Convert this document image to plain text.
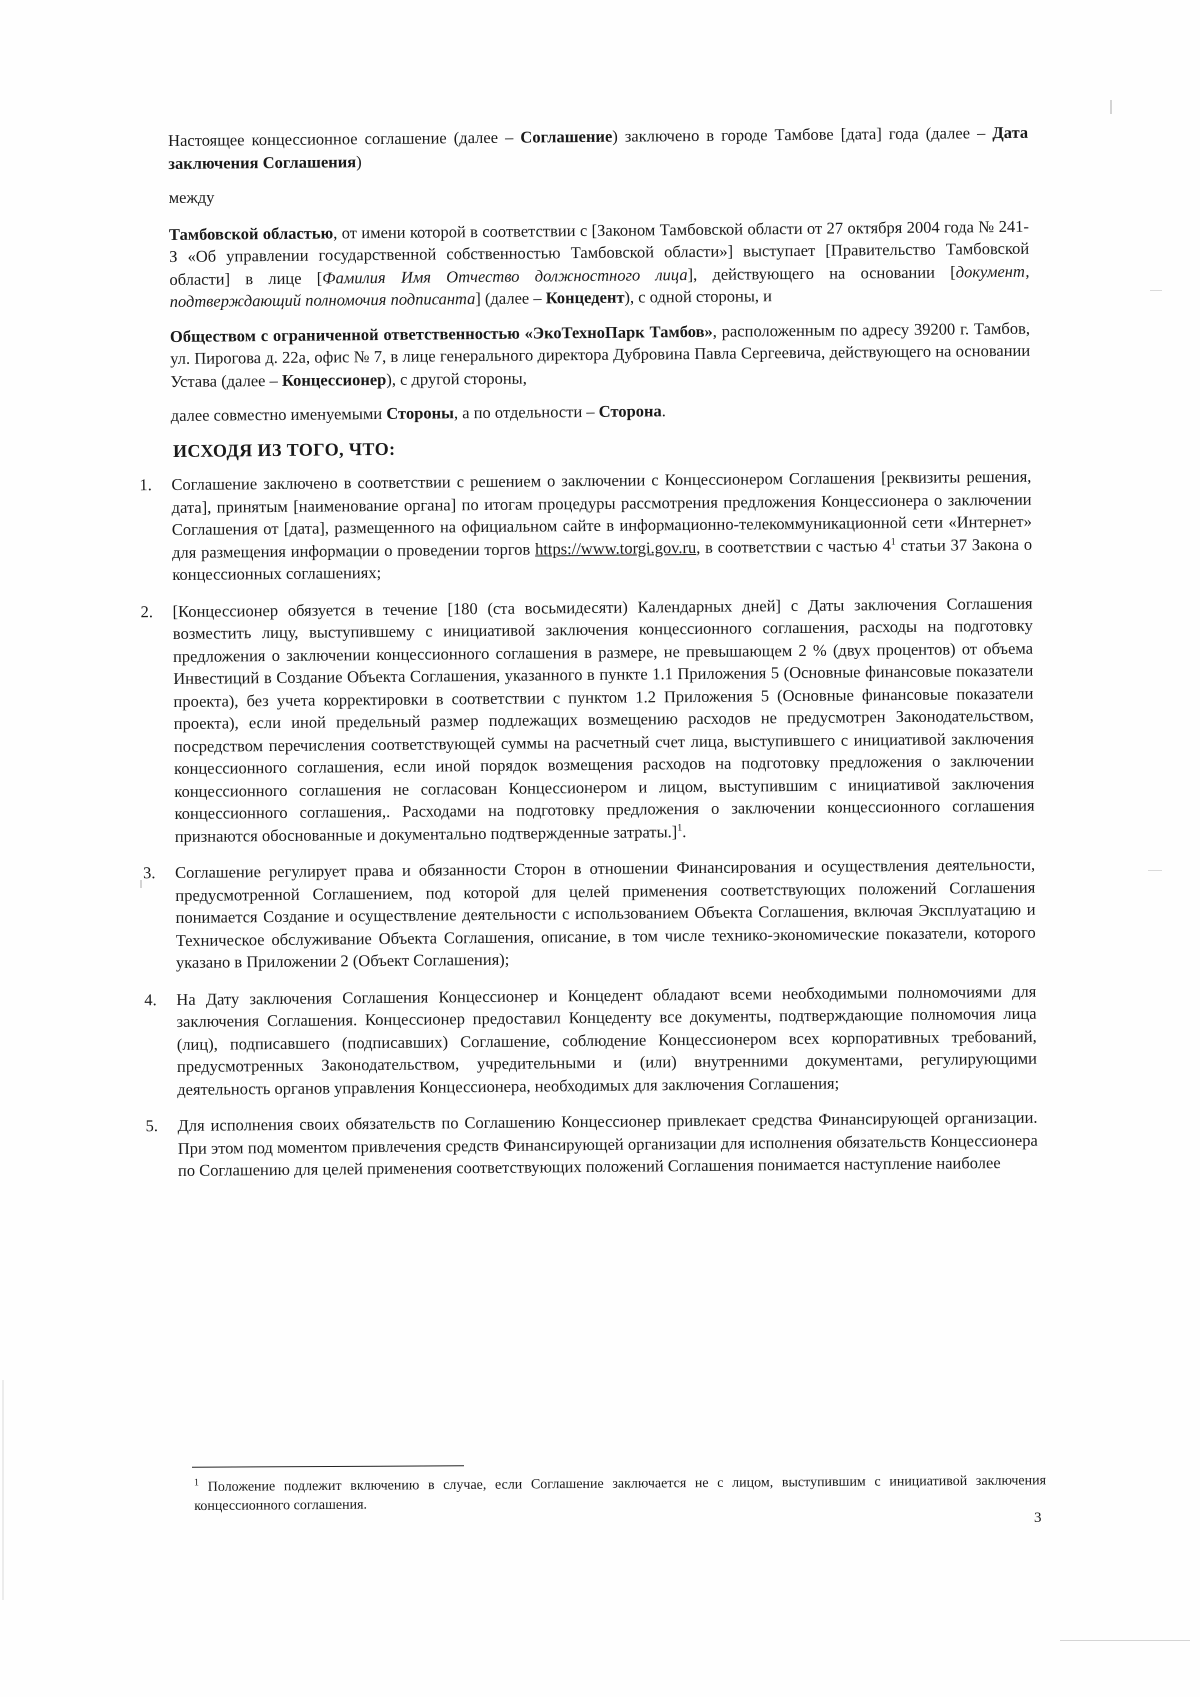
Настоящее концессионное соглашение (далее – Соглашение) заключено в городе Тамбове [дата] года (далее – Дата заключения Соглашения)

между

Тамбовской областью, от имени которой в соответствии с [Законом Тамбовской области от 27 октября 2004 года № 241-З «Об управлении государственной собственностью Тамбовской области»] выступает [Правительство Тамбовской области] в лице [Фамилия Имя Отчество должностного лица], действующего на основании [документ, подтверждающий полномочия подписанта] (далее – Концедент), с одной стороны, и

Обществом с ограниченной ответственностью «ЭкоТехноПарк Тамбов», расположенным по адресу 39200 г. Тамбов, ул. Пирогова д. 22а, офис № 7, в лице генерального директора Дубровина Павла Сергеевича, действующего на основании Устава (далее – Концессионер), с другой стороны,

далее совместно именуемыми Стороны, а по отдельности – Сторона.

ИСХОДЯ ИЗ ТОГО, ЧТО:
1. Соглашение заключено в соответствии с решением о заключении с Концессионером Соглашения [реквизиты решения, дата], принятым [наименование органа] по итогам процедуры рассмотрения предложения Концессионера о заключении Соглашения от [дата], размещенного на официальном сайте в информационно-телекоммуникационной сети «Интернет» для размещения информации о проведении торгов https://www.torgi.gov.ru, в соответствии с частью $4^1$ статьи 37 Закона о концессионных соглашениях;
2. [Концессионер обязуется в течение [180 (ста восьмидесяти) Календарных дней] с Даты заключения Соглашения возместить лицу, выступившему с инициативой заключения концессионного соглашения, расходы на подготовку предложения о заключении концессионного соглашения в размере, не превышающем 2 % (двух процентов) от объема Инвестиций в Создание Объекта Соглашения, указанного в пункте 1.1 Приложения 5 (Основные финансовые показатели проекта), без учета корректировки в соответствии с пунктом 1.2 Приложения 5 (Основные финансовые показатели проекта), если иной предельный размер подлежащих возмещению расходов не предусмотрен Законодательством, посредством перечисления соответствующей суммы на расчетный счет лица, выступившего с инициативой заключения концессионного соглашения, если иной порядок возмещения расходов на подготовку предложения о заключении концессионного соглашения не согласован Концессионером и лицом, выступившим с инициативой заключения концессионного соглашения,. Расходами на подготовку предложения о заключении концессионного соглашения признаются обоснованные и документально подтвержденные затраты.]$^1$.
3. Соглашение регулирует права и обязанности Сторон в отношении Финансирования и осуществления деятельности, предусмотренной Соглашением, под которой для целей применения соответствующих положений Соглашения понимается Создание и осуществление деятельности с использованием Объекта Соглашения, включая Эксплуатацию и Техническое обслуживание Объекта Соглашения, описание, в том числе технико-экономические показатели, которого указано в Приложении 2 (Объект Соглашения);
4. На Дату заключения Соглашения Концессионер и Концедент обладают всеми необходимыми полномочиями для заключения Соглашения. Концессионер предоставил Концеденту все документы, подтверждающие полномочия лица (лиц), подписавшего (подписавших) Соглашение, соблюдение Концессионером всех корпоративных требований, предусмотренных Законодательством, учредительными и (или) внутренними документами, регулирующими деятельность органов управления Концессионера, необходимых для заключения Соглашения;
5. Для исполнения своих обязательств по Соглашению Концессионер привлекает средства Финансирующей организации. При этом под моментом привлечения средств Финансирующей организации для исполнения обязательств Концессионера по Соглашению для целей применения соответствующих положений Соглашения понимается наступление наиболее
$^1$ Положение подлежит включению в случае, если Соглашение заключается не с лицом, выступившим с инициативой заключения концессионного соглашения.
3
